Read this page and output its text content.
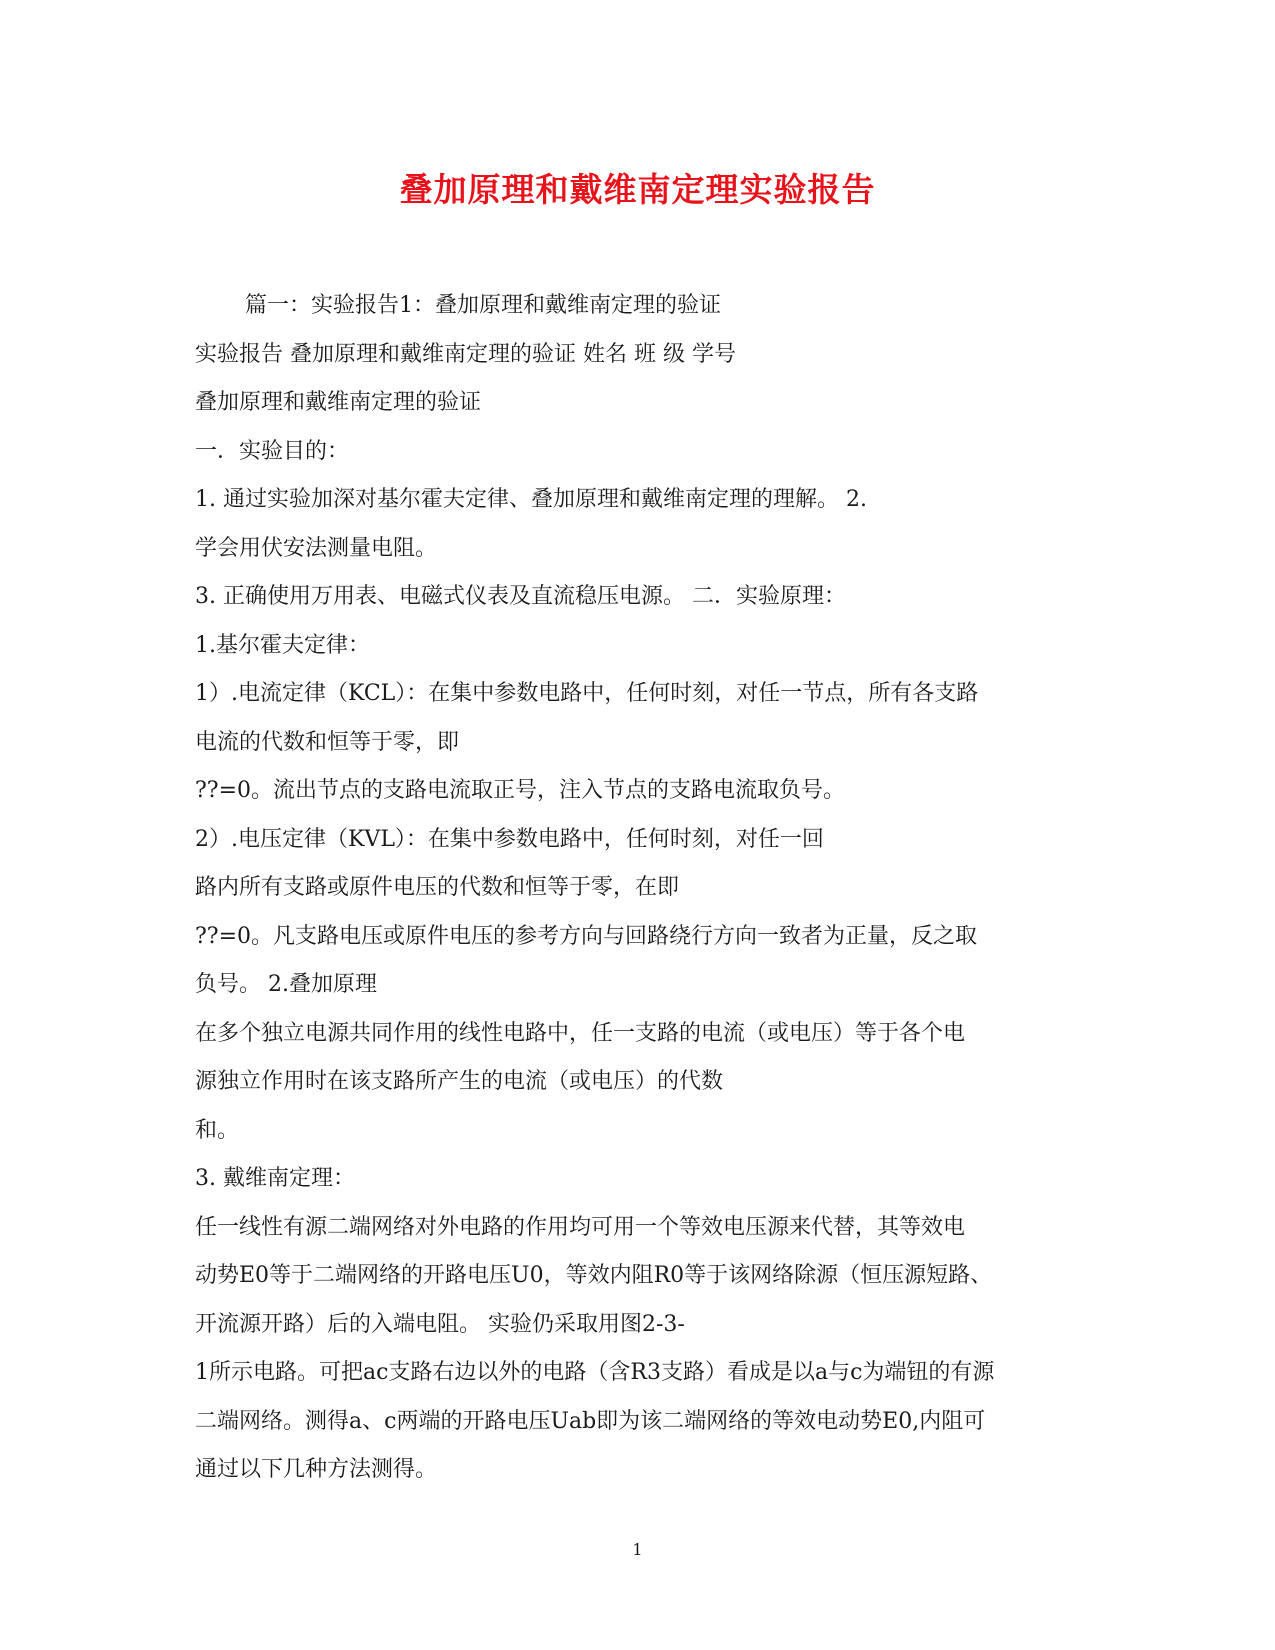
叠加原理和戴维南定理实验报告
篇一：实验报告1：叠加原理和戴维南定理的验证
实验报告 叠加原理和戴维南定理的验证 姓名 班 级 学号
叠加原理和戴维南定理的验证
一．实验目的：
1. 通过实验加深对基尔霍夫定律、叠加原理和戴维南定理的理解。 2.
学会用伏安法测量电阻。
3. 正确使用万用表、电磁式仪表及直流稳压电源。 二．实验原理：
1.基尔霍夫定律：
1）.电流定律（KCL）：在集中参数电路中，任何时刻，对任一节点，所有各支路
电流的代数和恒等于零，即
??=0。流出节点的支路电流取正号，注入节点的支路电流取负号。
2）.电压定律（KVL）：在集中参数电路中，任何时刻，对任一回
路内所有支路或原件电压的代数和恒等于零，在即
??=0。凡支路电压或原件电压的参考方向与回路绕行方向一致者为正量，反之取
负号。 2.叠加原理
在多个独立电源共同作用的线性电路中，任一支路的电流（或电压）等于各个电
源独立作用时在该支路所产生的电流（或电压）的代数
和。
3. 戴维南定理：
任一线性有源二端网络对外电路的作用均可用一个等效电压源来代替，其等效电
动势E0等于二端网络的开路电压U0，等效内阻R0等于该网络除源（恒压源短路、
开流源开路）后的入端电阻。 实验仍采取用图2-3-
1所示电路。可把ac支路右边以外的电路（含R3支路）看成是以a与c为端钮的有源
二端网络。测得a、c两端的开路电压Uab即为该二端网络的等效电动势E0,内阻可
通过以下几种方法测得。
1
